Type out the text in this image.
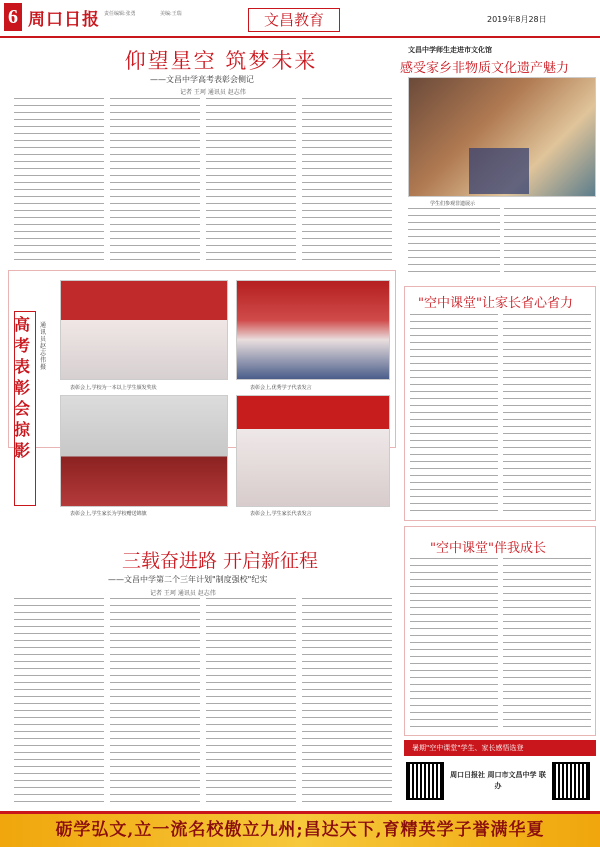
6 周口日报 责任编辑:张勇	美编:王瑞	文昌教育	2019年8月28日
仰望星空 筑梦未来
——文昌中学高考表彰会侧记
记者 王珂 通讯员 赵志伟
文昌中学师生走进市文化馆
感受家乡非物质文化遗产魅力
学生们参观非遗展示
高考表彰会掠影
通讯员 赵志伟 摄
表彰会上,学校为一本以上学生颁发奖状	表彰会上,优秀学子代表发言
表彰会上,学生家长为学校赠送锦旗	表彰会上,学生家长代表发言
三载奋进路 开启新征程
——文昌中学第二个三年计划"制度强校"纪实
记者 王珂 通讯员 赵志伟
"空中课堂"让家长省心省力
"空中课堂"伴我成长
暑期"空中课堂"学生、家长感悟选登
周口日报社 周口市文昌中学 联办
砺学弘文,立一流名校傲立九州;昌达天下,育精英学子誉满华夏
